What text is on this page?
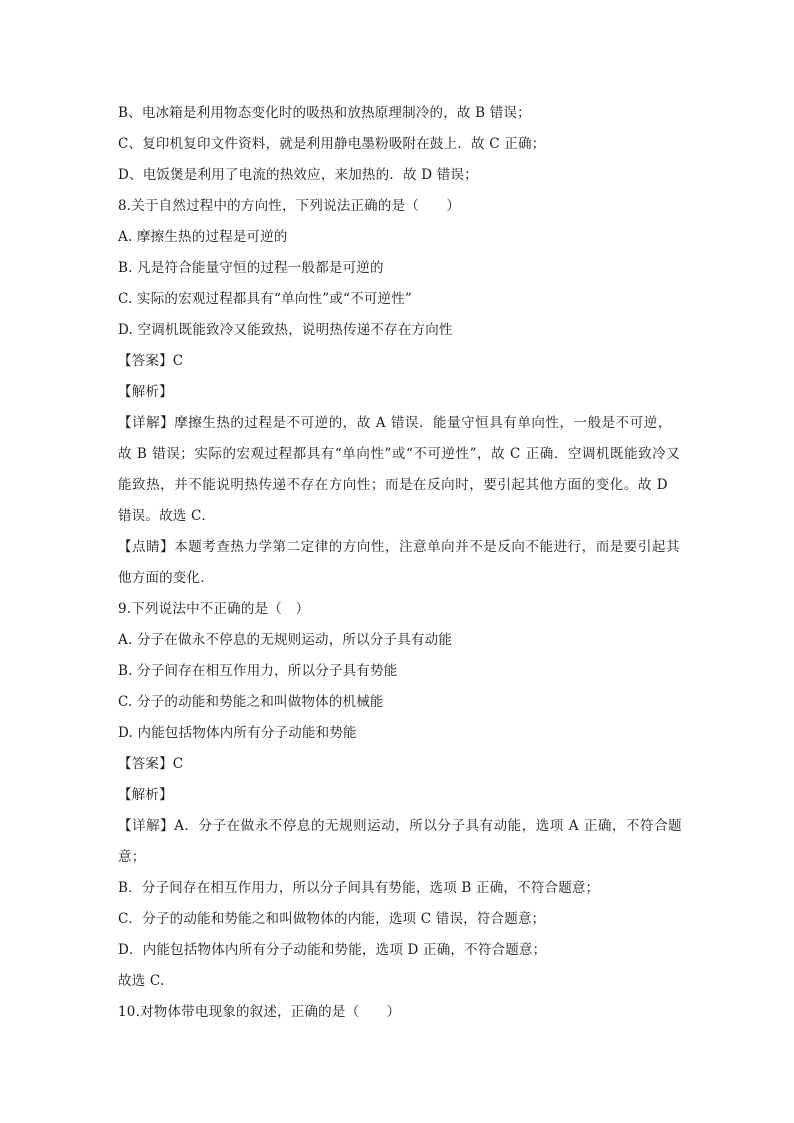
B、电冰箱是利用物态变化时的吸热和放热原理制冷的，故 B 错误；
C、复印机复印文件资料，就是利用静电墨粉吸附在鼓上．故 C 正确；
D、电饭煲是利用了电流的热效应，来加热的．故 D 错误；
8.关于自然过程中的方向性，下列说法正确的是（　　）
A. 摩擦生热的过程是可逆的
B. 凡是符合能量守恒的过程一般都是可逆的
C. 实际的宏观过程都具有“单向性”或“不可逆性”
D. 空调机既能致冷又能致热，说明热传递不存在方向性
【答案】C
【解析】
【详解】摩擦生热的过程是不可逆的，故 A 错误．能量守恒具有单向性，一般是不可逆，
故 B 错误；实际的宏观过程都具有“单向性”或“不可逆性”，故 C 正确．空调机既能致冷又
能致热，并不能说明热传递不存在方向性；而是在反向时，要引起其他方面的变化。故 D
错误。故选 C．
【点睛】本题考查热力学第二定律的方向性，注意单向并不是反向不能进行，而是要引起其
他方面的变化．
9.下列说法中不正确的是（　）
A. 分子在做永不停息的无规则运动，所以分子具有动能
B. 分子间存在相互作用力，所以分子具有势能
C. 分子的动能和势能之和叫做物体的机械能
D. 内能包括物体内所有分子动能和势能
【答案】C
【解析】
【详解】A．分子在做永不停息的无规则运动，所以分子具有动能，选项 A 正确，不符合题
意；
B．分子间存在相互作用力，所以分子间具有势能，选项 B 正确，不符合题意；
C．分子的动能和势能之和叫做物体的内能，选项 C 错误，符合题意；
D．内能包括物体内所有分子动能和势能，选项 D 正确，不符合题意；
故选 C.
10.对物体带电现象的叙述，正确的是（　　）
